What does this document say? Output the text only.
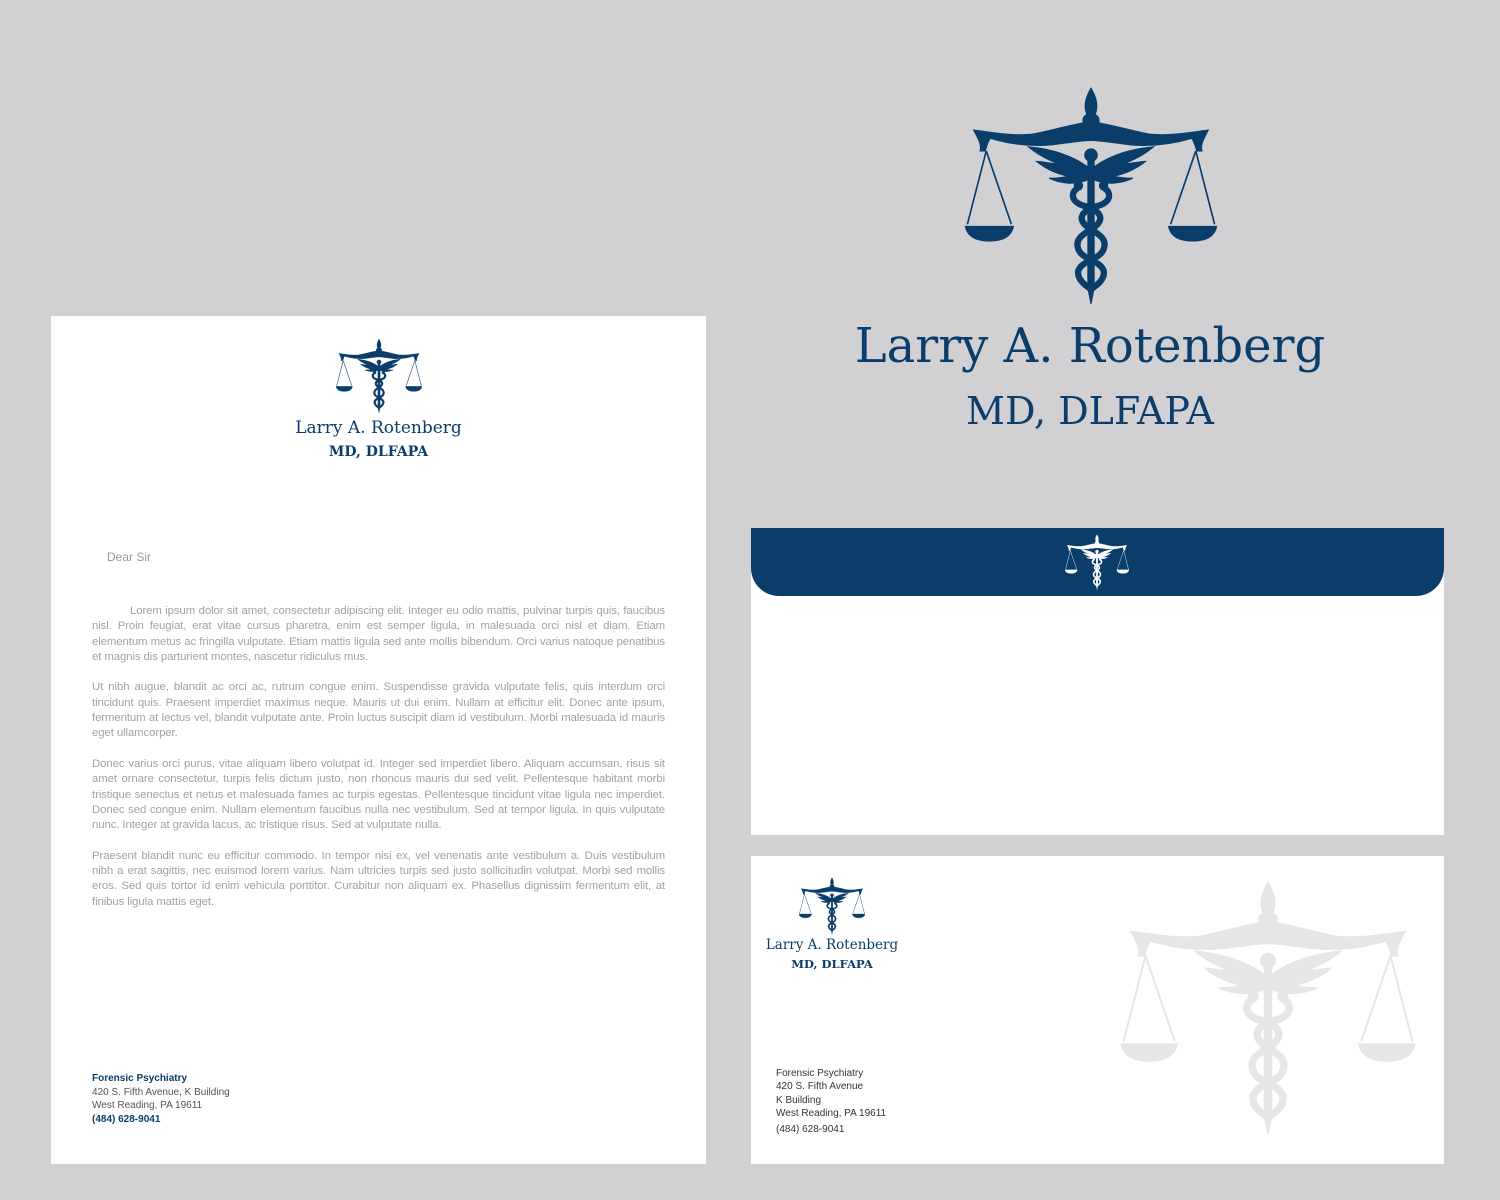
Larry A. Rotenberg
MD, DLFAPA
Larry A. Rotenberg
MD, DLFAPA
Dear Sir

Lorem ipsum dolor sit amet, consectetur adipiscing elit. Integer eu odio mattis, pulvinar turpis quis, faucibus nisl. Proin feugiat, erat vitae cursus pharetra, enim est semper ligula, in malesuada orci nisl et diam. Etiam elementum metus ac fringilla vulputate. Etiam mattis ligula sed ante mollis bibendum. Orci varius natoque penatibus et magnis dis parturient montes, nascetur ridiculus mus.

Ut nibh augue, blandit ac orci ac, rutrum congue enim. Suspendisse gravida vulputate felis, quis interdum orci tincidunt quis. Praesent imperdiet maximus neque. Mauris ut dui enim. Nullam at efficitur elit. Donec ante ipsum, fermentum at lectus vel, blandit vulputate ante. Proin luctus suscipit diam id vestibulum. Morbi malesuada id mauris eget ullamcorper.

Donec varius orci purus, vitae aliquam libero volutpat id. Integer sed imperdiet libero. Aliquam accumsan, risus sit amet ornare consectetur, turpis felis dictum justo, non rhoncus mauris dui sed velit. Pellentesque habitant morbi tristique senectus et netus et malesuada fames ac turpis egestas. Pellentesque tincidunt vitae ligula nec imperdiet. Donec sed congue enim. Nullam elementum faucibus nulla nec vestibulum. Sed at tempor ligula. In quis vulputate nunc. Integer at gravida lacus, ac tristique risus. Sed at vulputate nulla.

Praesent blandit nunc eu efficitur commodo. In tempor nisi ex, vel venenatis ante vestibulum a. Duis vestibulum nibh a erat sagittis, nec euismod lorem varius. Nam ultricies turpis sed justo sollicitudin volutpat. Morbi sed mollis eros. Sed quis tortor id enim vehicula porttitor. Curabitur non aliquam ex. Phasellus dignissim fermentum elit, at finibus ligula mattis eget.

Forensic Psychiatry
420 S. Fifth Avenue, K Building
West Reading, PA 19611
(484) 628-9041
Larry A. Rotenberg
MD, DLFAPA
Forensic Psychiatry
420 S. Fifth Avenue
K Building
West Reading, PA 19611
(484) 628-9041
